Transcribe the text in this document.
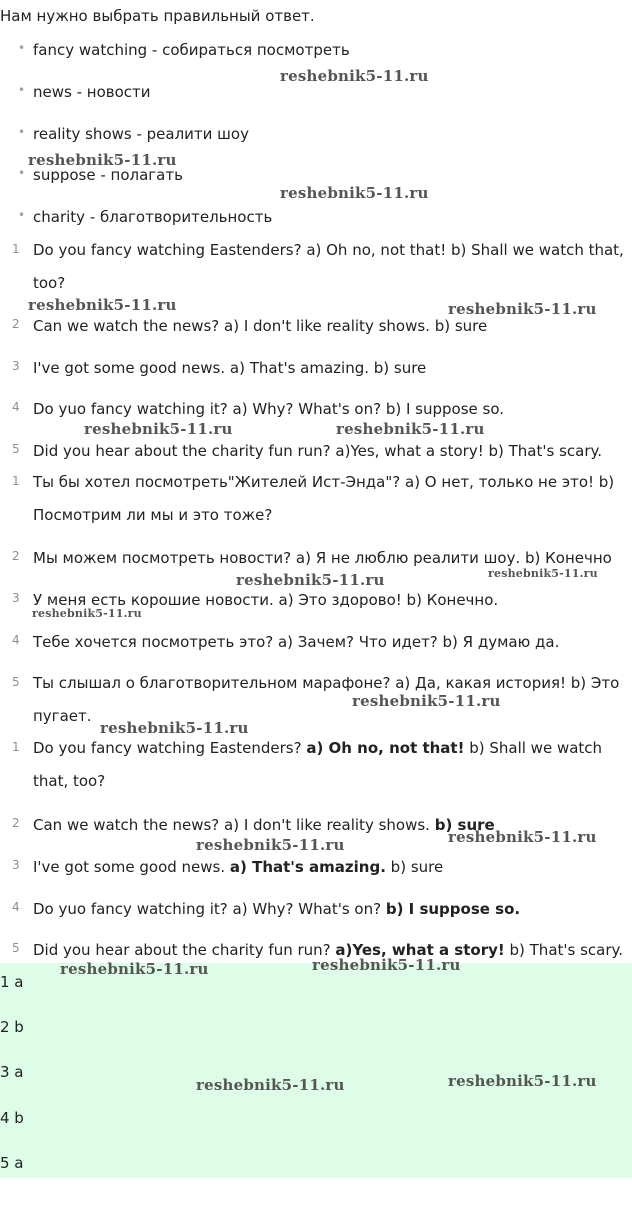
Нам нужно выбрать правильный ответ.
• fancy watching - собираться посмотреть
• news - новости
• reality shows - реалити шоу
• suppose - полагать
• charity - благотворительность
1 Do you fancy watching Eastenders? a) Oh no, not that! b) Shall we watch that, too?
2 Can we watch the news? a) I don't like reality shows. b) sure
3 I've got some good news. a) That's amazing. b) sure
4 Do yuo fancy watching it? a) Why? What's on? b) I suppose so.
5 Did you hear about the charity fun run? a)Yes, what a story! b) That's scary.
1 Ты бы хотел посмотреть"Жителей Ист-Энда"? a) О нет, только не это! b) Посмотрим ли мы и это тоже?
2 Мы можем посмотреть новости? a) Я не люблю реалити шоу. b) Конечно
3 У меня есть корошие новости. a) Это здорово! b) Конечно.
4 Тебе хочется посмотреть это? a) Зачем? Что идет? b) Я думаю да.
5 Ты слышал о благотворительном марафоне? a) Да, какая история! b) Это пугает.
1 Do you fancy watching Eastenders? a) Oh no, not that! b) Shall we watch that, too?
2 Can we watch the news? a) I don't like reality shows. b) sure
3 I've got some good news. a) That's amazing. b) sure
4 Do yuo fancy watching it? a) Why? What's on? b) I suppose so.
5 Did you hear about the charity fun run? a)Yes, what a story! b) That's scary.
1 a
2 b
3 a
4 b
5 a
reshebnik5-11.ru
reshebnik5-11.ru
reshebnik5-11.ru
reshebnik5-11.ru	reshebnik5-11.ru
reshebnik5-11.ru	reshebnik5-11.ru
reshebnik5-11.ru	reshebnik5-11.ru
reshebnik5-11.ru
reshebnik5-11.ru
reshebnik5-11.ru
reshebnik5-11.ru
reshebnik5-11.ru
reshebnik5-11.ru
reshebnik5-11.ru
reshebnik5-11.ru	reshebnik5-11.ru
